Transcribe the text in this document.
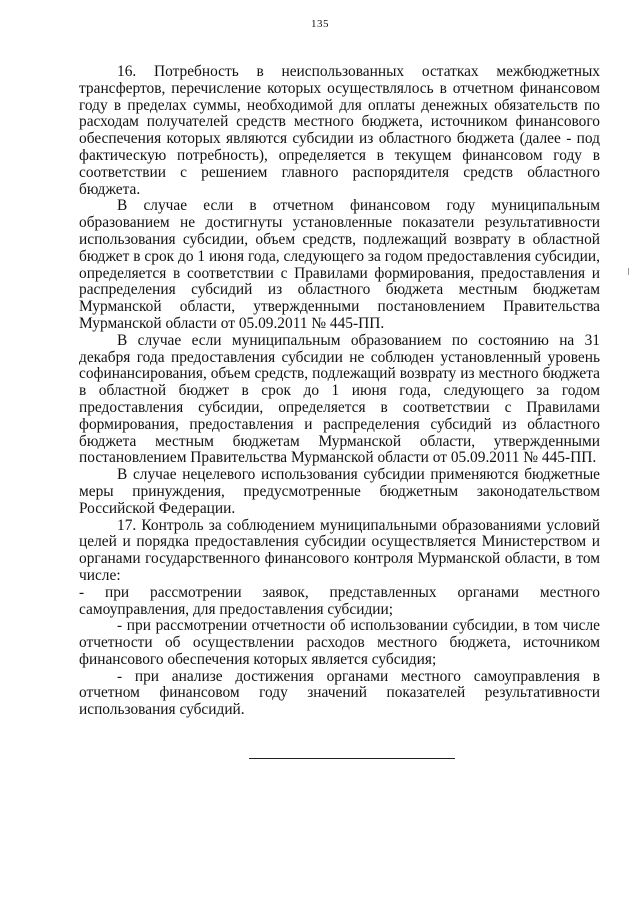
135

16. Потребность в неиспользованных остатках межбюджетных трансфертов, перечисление которых осуществлялось в отчетном финансовом году в пределах суммы, необходимой для оплаты денежных обязательств по расходам получателей средств местного бюджета, источником финансового обеспечения которых являются субсидии из областного бюджета (далее - под фактическую потребность), определяется в текущем финансовом году в соответствии с решением главного распорядителя средств областного бюджета.

В случае если в отчетном финансовом году муниципальным образованием не достигнуты установленные показатели результативности использования субсидии, объем средств, подлежащий возврату в областной бюджет в срок до 1 июня года, следующего за годом предоставления субсидии, определяется в соответствии с Правилами формирования, предоставления и распределения субсидий из областного бюджета местным бюджетам Мурманской области, утвержденными постановлением Правительства Мурманской области от 05.09.2011 № 445-ПП.

В случае если муниципальным образованием по состоянию на 31 декабря года предоставления субсидии не соблюден установленный уровень софинансирования, объем средств, подлежащий возврату из местного бюджета в областной бюджет в срок до 1 июня года, следующего за годом предоставления субсидии, определяется в соответствии с Правилами формирования, предоставления и распределения субсидий из областного бюджета местным бюджетам Мурманской области, утвержденными постановлением Правительства Мурманской области от 05.09.2011 № 445-ПП.

В случае нецелевого использования субсидии применяются бюджетные меры принуждения, предусмотренные бюджетным законодательством Российской Федерации.

17. Контроль за соблюдением муниципальными образованиями условий целей и порядка предоставления субсидии осуществляется Министерством и органами государственного финансового контроля Мурманской области, в том числе:

- при рассмотрении заявок, представленных органами местного самоуправления, для предоставления субсидии;

- при рассмотрении отчетности об использовании субсидии, в том числе отчетности об осуществлении расходов местного бюджета, источником финансового обеспечения которых является субсидия;

- при анализе достижения органами местного самоуправления в отчетном финансовом году значений показателей результативности использования субсидий.
